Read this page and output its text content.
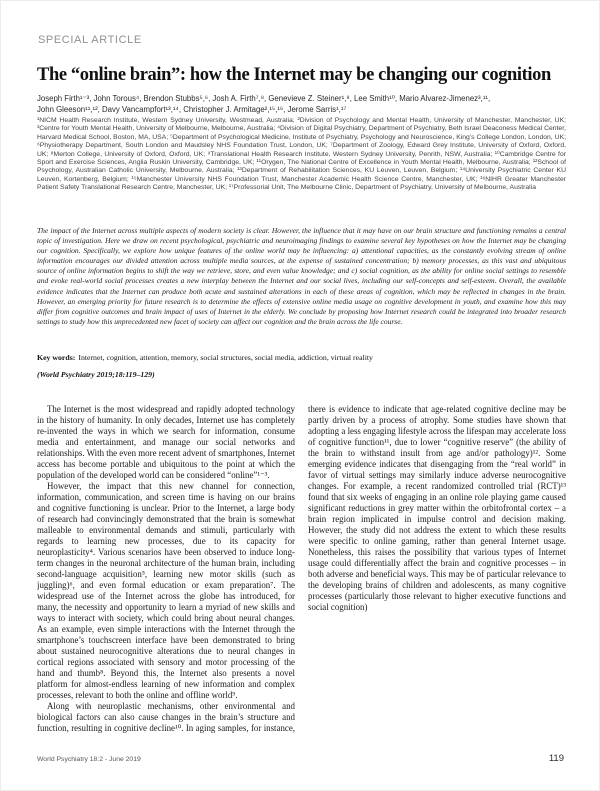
SPECIAL ARTICLE
The “online brain”: how the Internet may be changing our cognition
Joseph Firth¹⁻³, John Torous⁴, Brendon Stubbs⁵,⁶, Josh A. Firth⁷,⁸, Genevieve Z. Steiner¹,⁹, Lee Smith¹⁰, Mario Alvarez-Jimenez³,¹¹,
John Gleeson¹¹,¹², Davy Vancampfort¹³,¹⁴, Christopher J. Armitage²,¹⁵,¹⁶, Jerome Sarris¹,¹⁷
¹NICM Health Research Institute, Western Sydney University, Westmead, Australia; ²Division of Psychology and Mental Health, University of Manchester, Manchester, UK; ³Centre for Youth Mental Health, University of Melbourne, Melbourne, Australia; ⁴Division of Digital Psychiatry, Department of Psychiatry, Beth Israel Deaconess Medical Center, Harvard Medical School, Boston, MA, USA; ⁵Department of Psychological Medicine, Institute of Psychiatry, Psychology and Neuroscience, King’s College London, London, UK; ⁶Physiotherapy Department, South London and Maudsley NHS Foundation Trust, London, UK; ⁷Department of Zoology, Edward Grey Institute, University of Oxford, Oxford, UK; ⁸Merton College, University of Oxford, Oxford, UK; ⁹Translational Health Research Institute, Western Sydney University, Penrith, NSW, Australia; ¹⁰Cambridge Centre for Sport and Exercise Sciences, Anglia Ruskin University, Cambridge, UK; ¹¹Orygen, The National Centre of Excellence in Youth Mental Health, Melbourne, Australia; ¹²School of Psychology, Australian Catholic University, Melbourne, Australia; ¹³Department of Rehabilitation Sciences, KU Leuven, Leuven, Belgium; ¹⁴University Psychiatric Center KU Leuven, Kortenberg, Belgium; ¹⁵Manchester University NHS Foundation Trust, Manchester Academic Health Science Centre, Manchester, UK; ¹⁶NIHR Greater Manchester Patient Safety Translational Research Centre, Manchester, UK; ¹⁷Professorial Unit, The Melbourne Clinic, Department of Psychiatry, University of Melbourne, Australia
The impact of the Internet across multiple aspects of modern society is clear. However, the influence that it may have on our brain structure and functioning remains a central topic of investigation. Here we draw on recent psychological, psychiatric and neuroimaging findings to examine several key hypotheses on how the Internet may be changing our cognition. Specifically, we explore how unique features of the online world may be influencing: a) attentional capacities, as the constantly evolving stream of online information encourages our divided attention across multiple media sources, at the expense of sustained concentration; b) memory processes, as this vast and ubiquitous source of online information begins to shift the way we retrieve, store, and even value knowledge; and c) social cognition, as the ability for online social settings to resemble and evoke real-world social processes creates a new interplay between the Internet and our social lives, including our self-concepts and self-esteem. Overall, the available evidence indicates that the Internet can produce both acute and sustained alterations in each of these areas of cognition, which may be reflected in changes in the brain. However, an emerging priority for future research is to determine the effects of extensive online media usage on cognitive development in youth, and examine how this may differ from cognitive outcomes and brain impact of uses of Internet in the elderly. We conclude by proposing how Internet research could be integrated into broader research settings to study how this unprecedented new facet of society can affect our cognition and the brain across the life course.
Key words: Internet, cognition, attention, memory, social structures, social media, addiction, virtual reality
(World Psychiatry 2019;18:119–129)

The Internet is the most widespread and rapidly adopted technology in the history of humanity. In only decades, Internet use has completely re-invented the ways in which we search for information, consume media and entertainment, and manage our social networks and relationships. With the even more recent advent of smartphones, Internet access has become portable and ubiquitous to the point at which the population of the developed world can be considered “online”¹⁻³.

However, the impact that this new channel for connection, information, communication, and screen time is having on our brains and cognitive functioning is unclear. Prior to the Internet, a large body of research had convincingly demonstrated that the brain is somewhat malleable to environmental demands and stimuli, particularly with regards to learning new processes, due to its capacity for neuroplasticity⁴. Various scenarios have been observed to induce long-term changes in the neuronal architecture of the human brain, including second-language acquisition⁵, learning new motor skills (such as juggling)⁶, and even formal education or exam preparation⁷. The widespread use of the Internet across the globe has introduced, for many, the necessity and opportunity to learn a myriad of new skills and ways to interact with society, which could bring about neural changes. As an example, even simple interactions with the Internet through the smartphone’s touchscreen interface have been demonstrated to bring about sustained neurocognitive alterations due to neural changes in cortical regions associated with sensory and motor processing of the hand and thumb⁸. Beyond this, the Internet also presents a novel platform for almost-endless learning of new information and complex processes, relevant to both the online and offline world⁹.

Along with neuroplastic mechanisms, other environmental and biological factors can also cause changes in the brain’s structure and function, resulting in cognitive decline¹⁰. In aging samples, for instance, there is evidence to indicate that age-related cognitive decline may be partly driven by a process of atrophy. Some studies have shown that adopting a less engaging lifestyle across the lifespan may accelerate loss of cognitive function¹¹, due to lower “cognitive reserve” (the ability of the brain to withstand insult from age and/or pathology)¹². Some emerging evidence indicates that disengaging from the “real world” in favor of virtual settings may similarly induce adverse neurocognitive changes. For example, a recent randomized controlled trial (RCT)¹³ found that six weeks of engaging in an online role playing game caused significant reductions in grey matter within the orbitofrontal cortex – a brain region implicated in impulse control and decision making. However, the study did not address the extent to which these results were specific to online gaming, rather than general Internet usage. Nonetheless, this raises the possibility that various types of Internet usage could differentially affect the brain and cognitive processes – in both adverse and beneficial ways. This may be of particular relevance to the developing brains of children and adolescents, as many cognitive processes (particularly those relevant to higher executive functions and social cognition)

World Psychiatry 18:2 - June 2019	119
